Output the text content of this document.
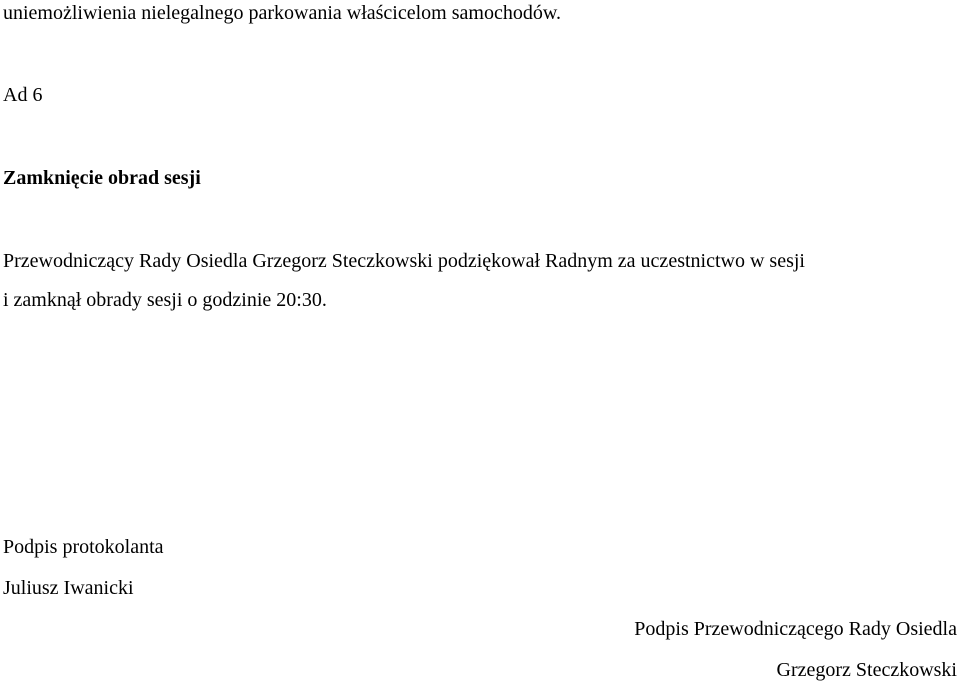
uniemożliwienia nielegalnego parkowania właścicelom samochodów.
Ad 6
Zamknięcie obrad sesji
Przewodniczący Rady Osiedla Grzegorz Steczkowski podziękował Radnym za uczestnictwo w sesji
i zamknął obrady sesji o godzinie 20:30.
Podpis protokolanta
Juliusz Iwanicki
Podpis Przewodniczącego Rady Osiedla
Grzegorz Steczkowski
